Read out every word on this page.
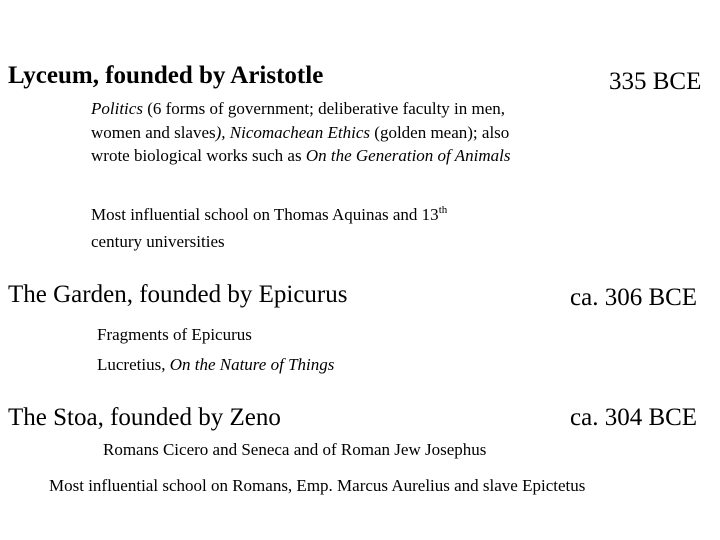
Lyceum, founded by Aristotle	335 BCE
Politics (6 forms of government; deliberative faculty in men,
women and slaves), Nicomachean Ethics (golden mean); also
wrote biological works such as On the Generation of Animals
Most influential school on Thomas Aquinas and 13th
century universities
The Garden, founded by Epicurus	ca. 306 BCE
Fragments of Epicurus
Lucretius, On the Nature of Things
The Stoa, founded by Zeno	ca. 304 BCE
Romans Cicero and Seneca and of Roman Jew Josephus
Most influential school on Romans, Emp. Marcus Aurelius and slave Epictetus
